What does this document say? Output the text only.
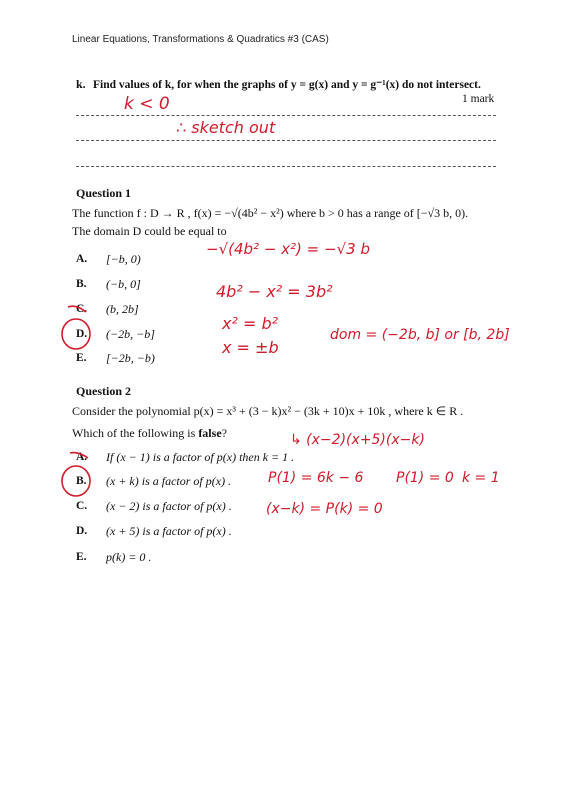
Linear Equations, Transformations & Quadratics #3 (CAS)
k. Find values of k, for when the graphs of y = g(x) and y = g⁻¹(x) do not intersect.
1 mark
k < 0
∴ sketch out
Question 1
The function f : D → R , f(x) = −√(4b² − x²) where b > 0 has a range of [−√3 b, 0).
The domain D could be equal to
A. [−b, 0)
B. (−b, 0]
C. (b, 2b]
D. (−2b, −b]
E. [−2b, −b)
−√(4b² − x²) = −√3 b
4b² − x² = 3b²
x² = b²
x = ±b
dom = (−2b, b] or [b, 2b]
Question 2
Consider the polynomial p(x) = x³ + (3 − k)x² − (3k + 10)x + 10k , where k ∈ R .
Which of the following is false?
A. If (x − 1) is a factor of p(x) then k = 1 .
B. (x + k) is a factor of p(x) .
C. (x − 2) is a factor of p(x) .
D. (x + 5) is a factor of p(x) .
E. p(k) = 0 .
↳ (x−2)(x+5)(x−k)
P(1) = 6k − 6 P(1) = 0 k = 1
(x−k) = P(k) = 0
